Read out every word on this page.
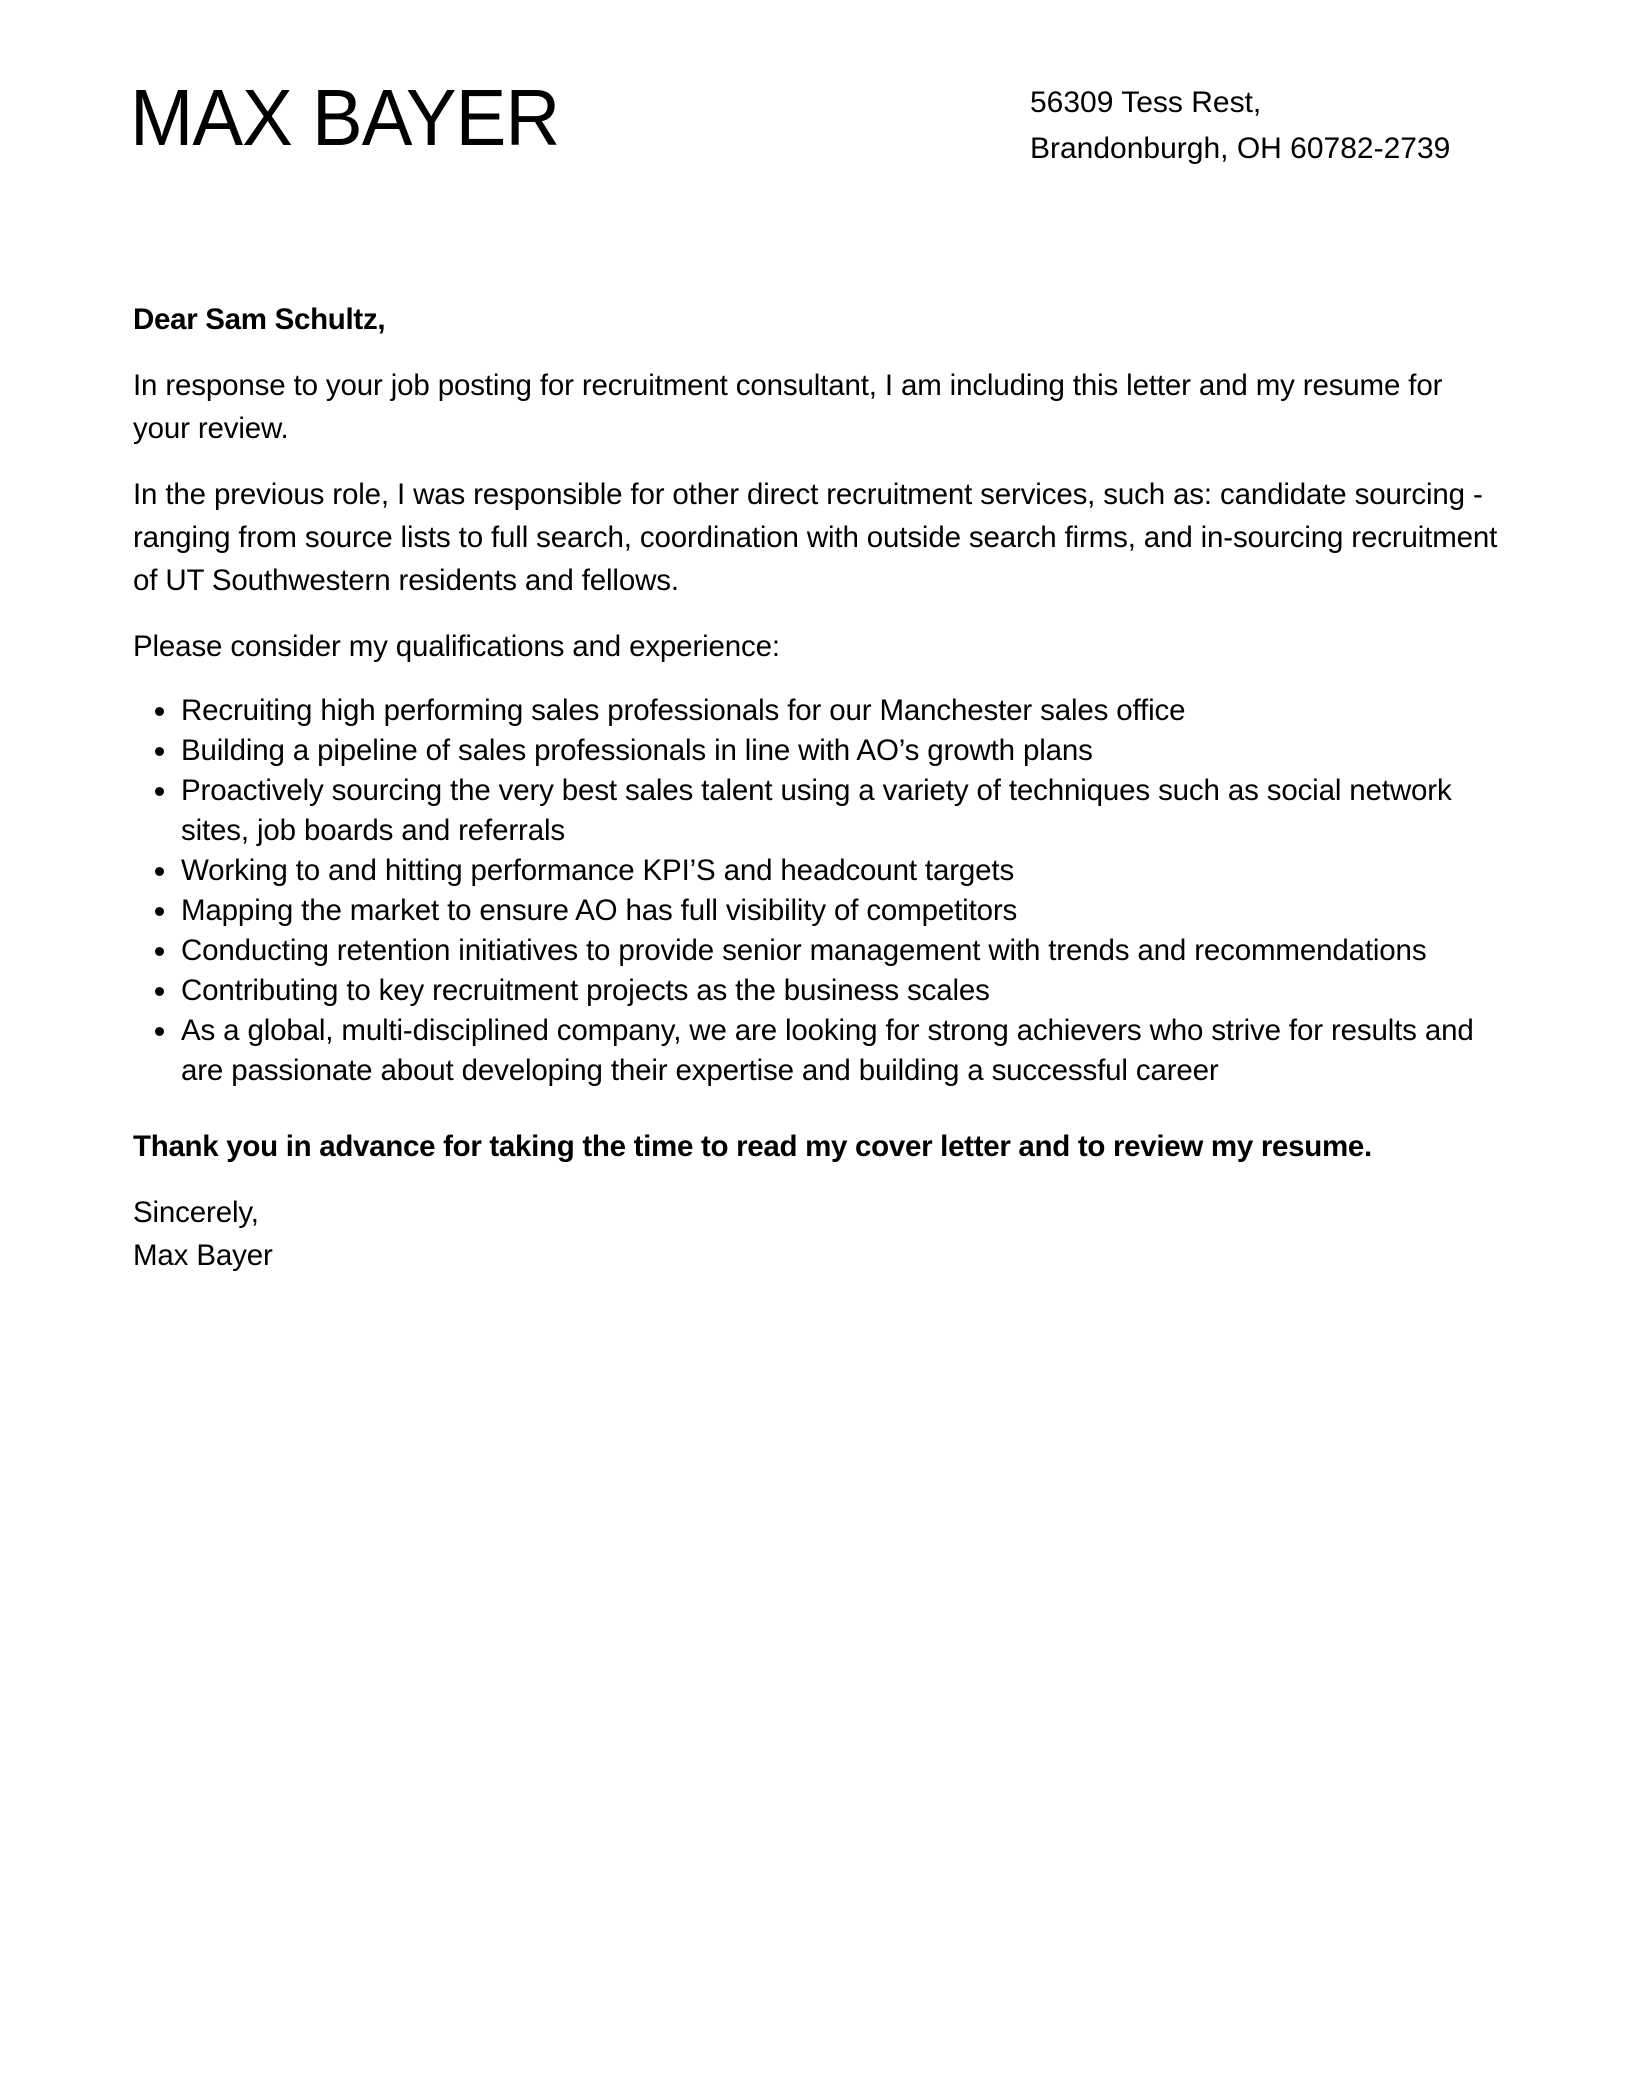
MAX BAYER	56309 Tess Rest,
Brandonburgh, OH 60782-2739

Dear Sam Schultz,

In response to your job posting for recruitment consultant, I am including this letter and my resume for your review.

In the previous role, I was responsible for other direct recruitment services, such as: candidate sourcing - ranging from source lists to full search, coordination with outside search firms, and in-sourcing recruitment of UT Southwestern residents and fellows.

Please consider my qualifications and experience:

Recruiting high performing sales professionals for our Manchester sales office
Building a pipeline of sales professionals in line with AO’s growth plans
Proactively sourcing the very best sales talent using a variety of techniques such as social network sites, job boards and referrals
Working to and hitting performance KPI’S and headcount targets
Mapping the market to ensure AO has full visibility of competitors
Conducting retention initiatives to provide senior management with trends and recommendations
Contributing to key recruitment projects as the business scales
As a global, multi-disciplined company, we are looking for strong achievers who strive for results and are passionate about developing their expertise and building a successful career

Thank you in advance for taking the time to read my cover letter and to review my resume.

Sincerely,
Max Bayer
